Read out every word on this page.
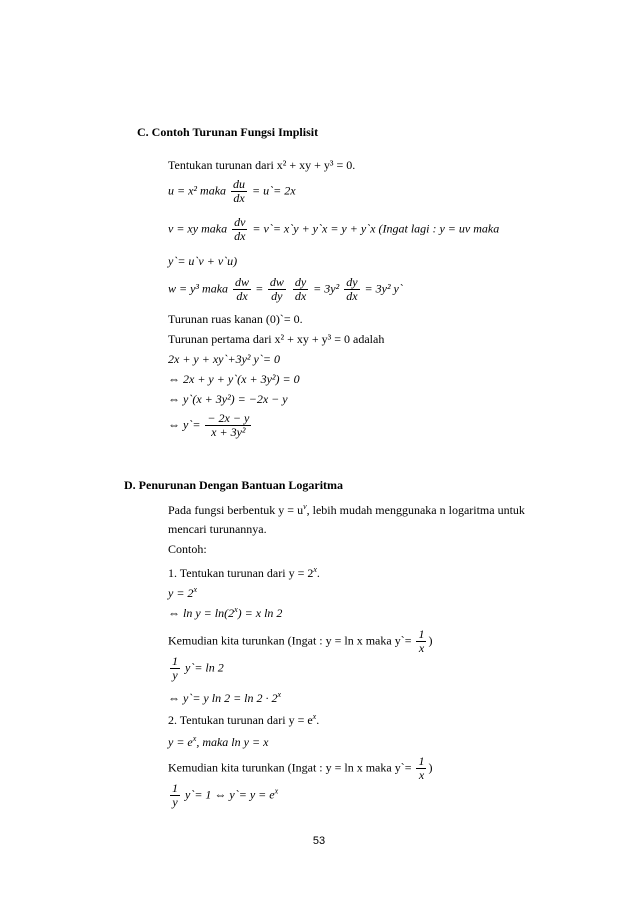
C. Contoh Turunan Fungsi Implisit
Tentukan turunan dari x² + xy + y³ = 0.
u = x² maka $\frac{du}{dx}$ = u`= 2x
v = xy maka $\frac{dv}{dx}$ = v`= x`y + y`x = y + y`x (Ingat lagi : y = uv maka
y`= u`v + v`u)
w = y³ maka $\frac{dw}{dx} = \frac{dw}{dy}$
$\frac{dy}{dx} = 3y^2 \frac{dy}{dx} = 3y^2$ y`
Turunan ruas kanan (0)`= 0.
Turunan pertama dari x² + xy + y³ = 0 adalah
2x + y + xy`+3y² y`= 0
⇔ 2x + y + y`(x + 3y²) = 0
⇔ y`(x + 3y²) = −2x − y
⇔ y`= $\frac{- 2x - y}{\text{x + 3y²}}$
D. Penurunan Dengan Bantuan Logaritma
Pada fungsi berbentuk $y = u^v$, lebih mudah menggunaka n logaritma untuk
mencari turunannya.
Contoh:
1. Tentukan turunan dari $y = 2^x$.
$y = 2^x$
⇔ $\ln y = \ln(2^x) = x$ ln 2
Kemudian kita turunkan (Ingat : y = ln x maka y`= $\frac{1}{x}$ )
$\frac{1}{y}$ y`= ln 2
⇔ y`= y $\ln 2 = \ln 2 \cdot 2^x$
2. Tentukan turunan dari $y = e^x$.
$y = e^x$, maka ln y = x
Kemudian kita turunkan (Ingat : y = ln x maka y`= $\frac{1}{x}$ )
$\frac{1}{y}$ y`= 1 ⇔ y`= $y = e^x$
53
